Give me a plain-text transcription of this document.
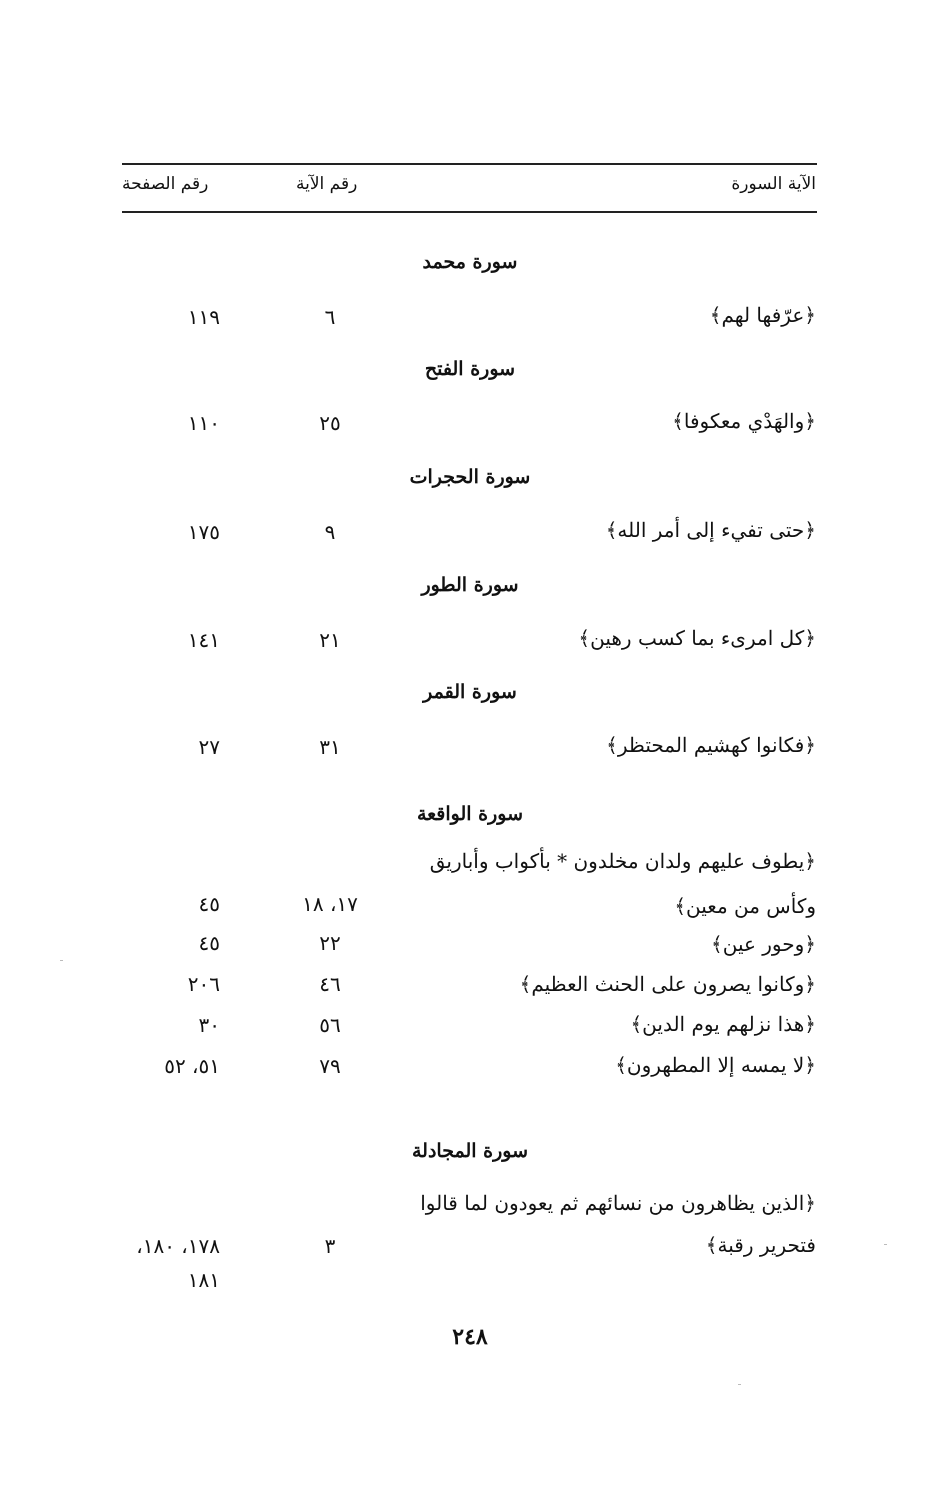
الآية السورة
رقم الآية
رقم الصفحة
سورة محمد
﴿عرّفها لهم﴾
٦
١١٩
سورة الفتح
﴿والهَدْي معكوفا﴾
٢٥
١١٠
سورة الحجرات
﴿حتى تفيء إلى أمر الله﴾
٩
١٧٥
سورة الطور
﴿كل امرىء بما كسب رهين﴾
٢١
١٤١
سورة القمر
﴿فكانوا كهشيم المحتظر﴾
٣١
٢٧
سورة الواقعة
﴿يطوف عليهم ولدان مخلدون * بأكواب وأباريق
وكأس من معين﴾
١٧، ١٨
٤٥
﴿وحور عين﴾
٢٢
٤٥
﴿وكانوا يصرون على الحنث العظيم﴾
٤٦
٢٠٦
﴿هذا نزلهم يوم الدين﴾
٥٦
٣٠
﴿لا يمسه إلا المطهرون﴾
٧٩
٥١، ٥٢
سورة المجادلة
﴿الذين يظاهرون من نسائهم ثم يعودون لما قالوا
فتحرير رقبة﴾
٣
١٧٨، ١٨٠،
١٨١
٢٤٨
